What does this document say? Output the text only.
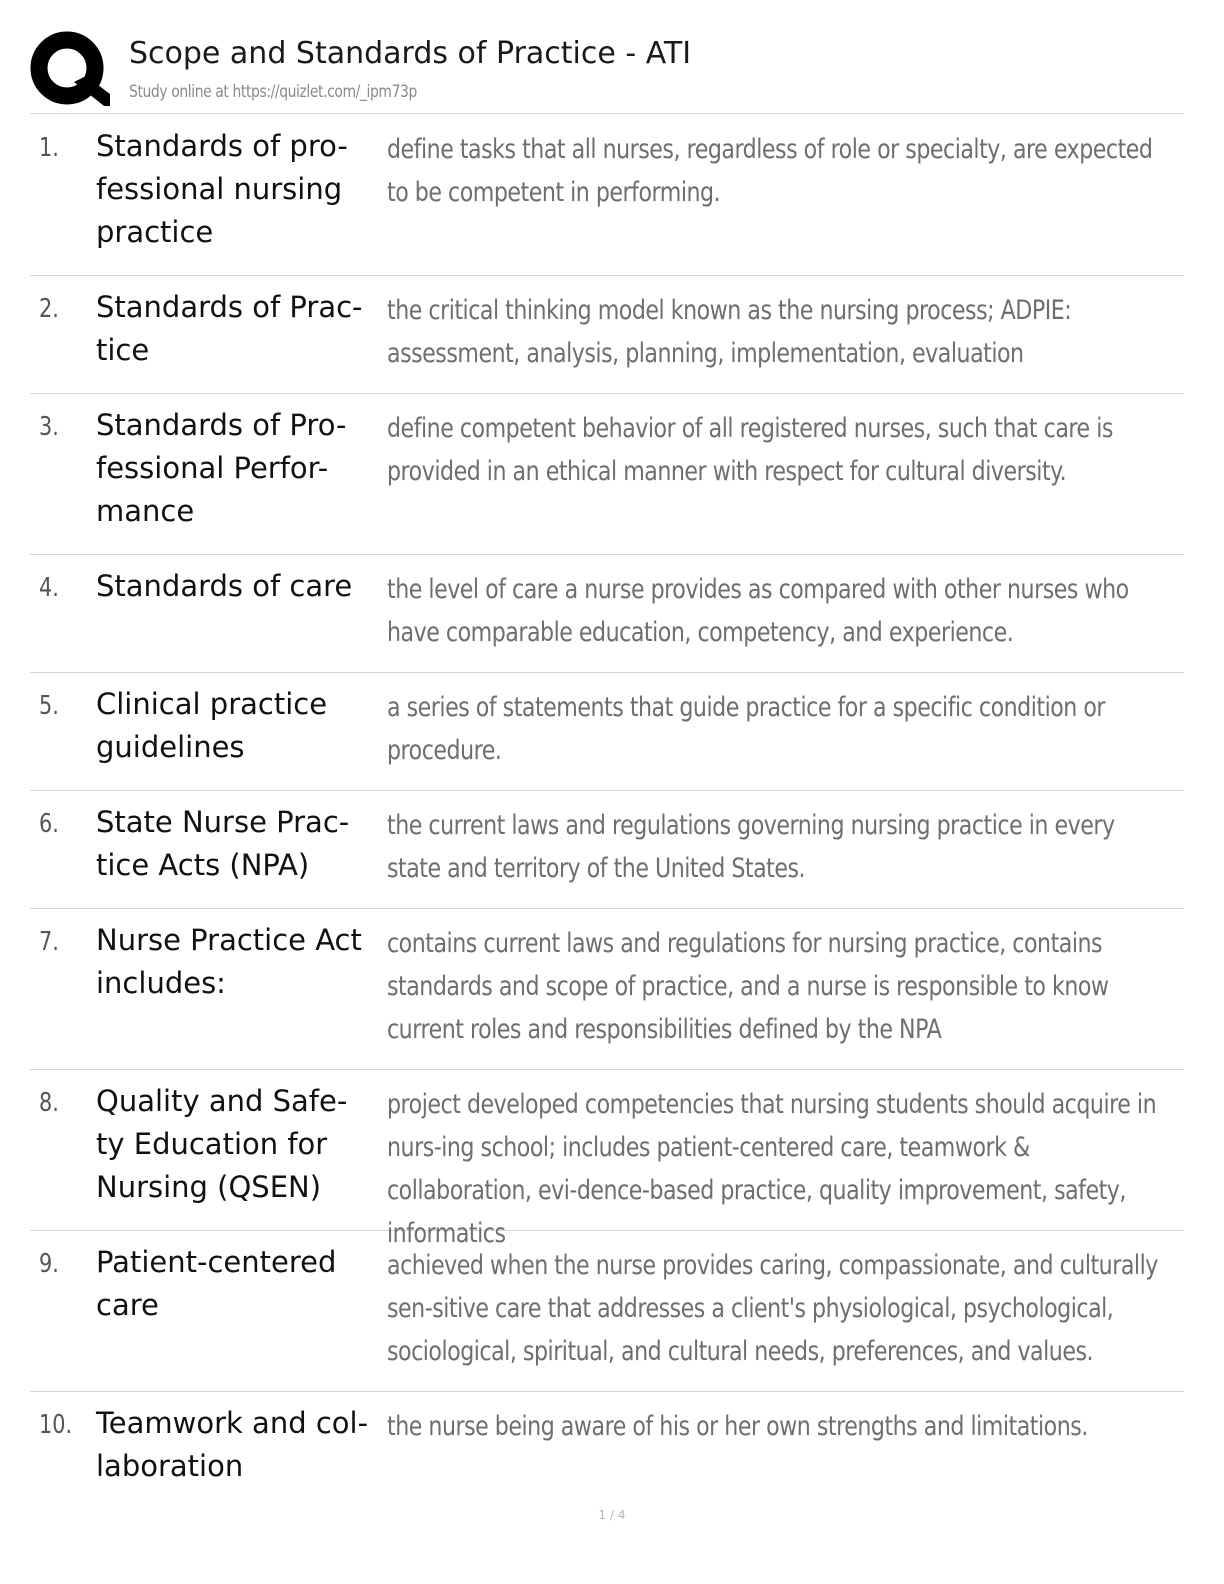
Scope and Standards of Practice - ATI
Study online at https://quizlet.com/_ipm73p
1. Standards of pro-
fessional nursing
practice
define tasks that all nurses, regardless of role or specialty, are expected to be competent in performing.
2. Standards of Prac-
tice
the critical thinking model known as the nursing process; ADPIE: assessment, analysis, planning, implementation, evaluation
3. Standards of Pro-
fessional Perfor-
mance
define competent behavior of all registered nurses, such that care is provided in an ethical manner with respect for cultural diversity.
4. Standards of care	the level of care a nurse provides as compared with other nurses who have comparable education, competency, and experience.
5. Clinical practice
guidelines
a series of statements that guide practice for a specific condition or procedure.
6. State Nurse Prac-
tice Acts (NPA)
the current laws and regulations governing nursing practice in every state and territory of the United States.
7. Nurse Practice Act
includes:
contains current laws and regulations for nursing practice, contains standards and scope of practice, and a nurse is responsible to know current roles and responsibilities defined by the NPA
8. Quality and Safe-
ty Education for
Nursing (QSEN)
project developed competencies that nursing students should acquire in nurs-ing school; includes patient-centered care, teamwork & collaboration, evi-dence-based practice, quality improvement, safety, informatics
9. Patient-centered
care
achieved when the nurse provides caring, compassionate, and culturally sen-sitive care that addresses a client's physiological, psychological, sociological, spiritual, and cultural needs, preferences, and values.
10. Teamwork and col-
laboration
the nurse being aware of his or her own strengths and limitations.
1 / 4
